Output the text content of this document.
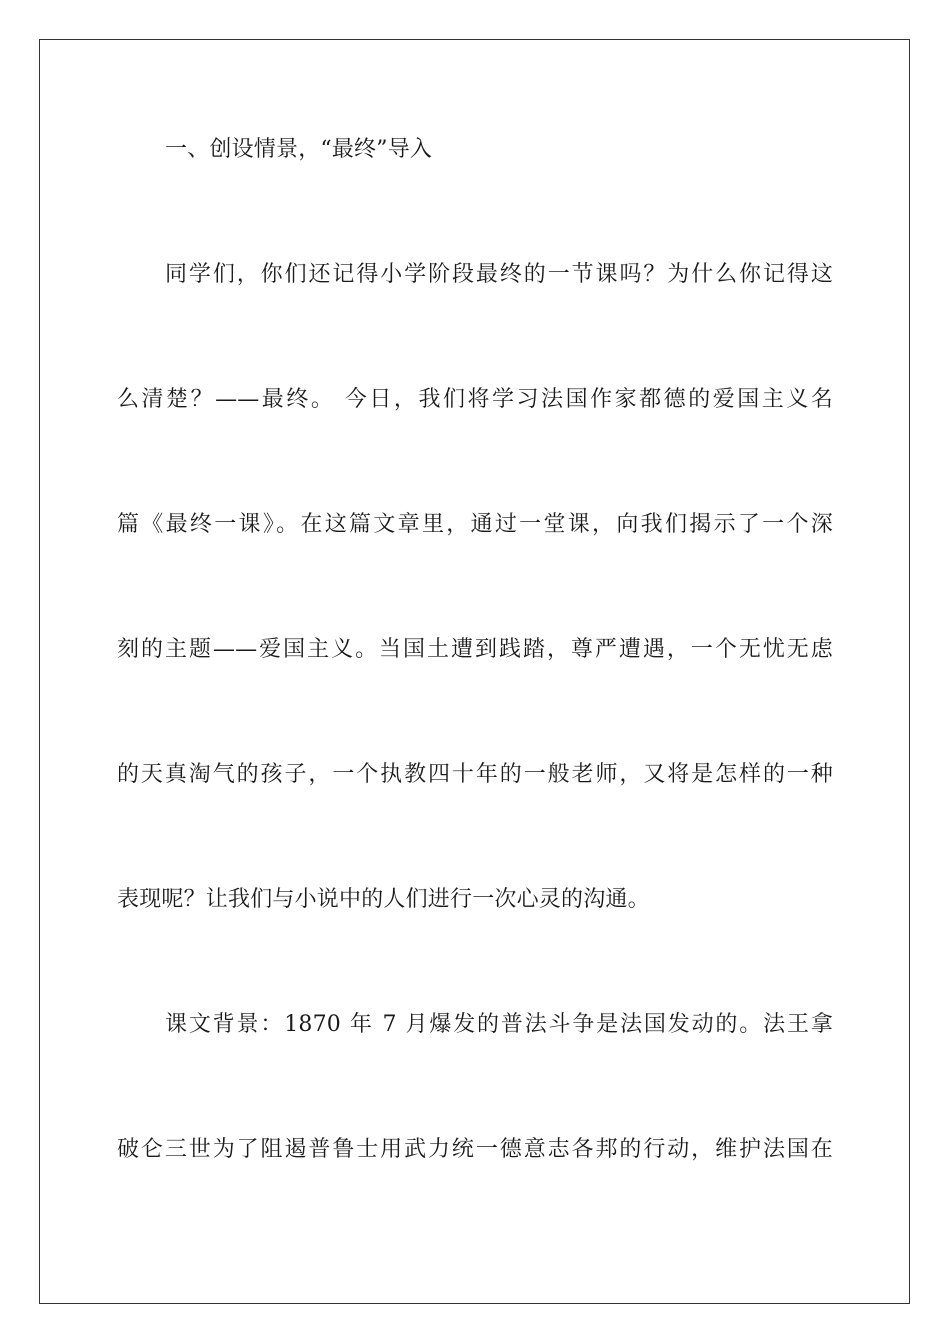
一、创设情景，“最终”导入
同学们，你们还记得小学阶段最终的一节课吗？为什么你记得这
么清楚？——最终。 今日，我们将学习法国作家都德的爱国主义名
篇《最终一课》。在这篇文章里，通过一堂课，向我们揭示了一个深
刻的主题——爱国主义。当国土遭到践踏，尊严遭遇，一个无忧无虑
的天真淘气的孩子，一个执教四十年的一般老师，又将是怎样的一种
表现呢？让我们与小说中的人们进行一次心灵的沟通。
课文背景：1870 年 7 月爆发的普法斗争是法国发动的。法王拿
破仑三世为了阻遏普鲁士用武力统一德意志各邦的行动，维护法国在
